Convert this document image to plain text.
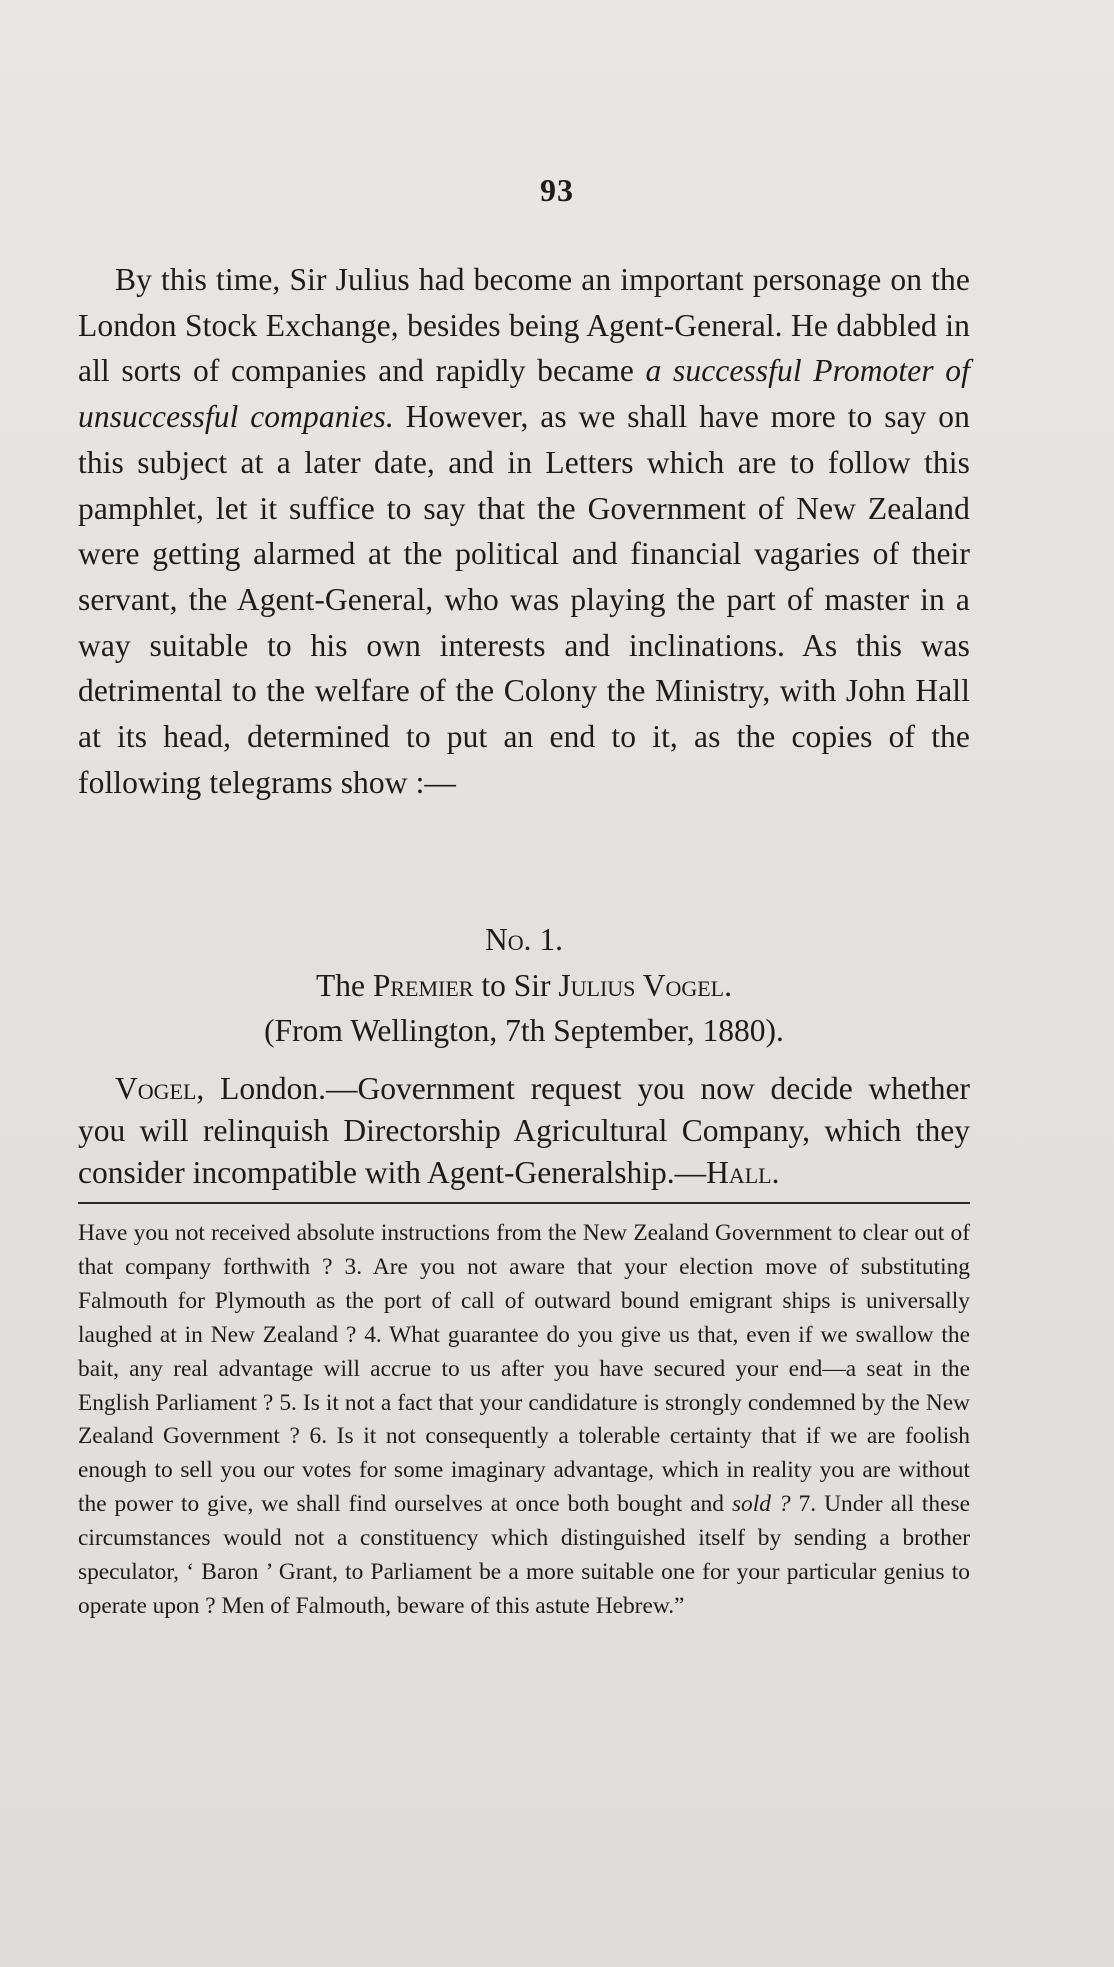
93

By this time, Sir Julius had become an important personage on the London Stock Exchange, besides being Agent-General. He dabbled in all sorts of companies and rapidly became a successful Promoter of unsuccessful companies. However, as we shall have more to say on this subject at a later date, and in Letters which are to follow this pamphlet, let it suffice to say that the Government of New Zealand were getting alarmed at the political and financial vagaries of their servant, the Agent-General, who was playing the part of master in a way suitable to his own interests and inclinations. As this was detrimental to the welfare of the Colony the Ministry, with John Hall at its head, determined to put an end to it, as the copies of the following telegrams show :—

No. 1.
The Premier to Sir Julius Vogel.
(From Wellington, 7th September, 1880).
Vogel, London.—Government request you now decide whether you will relinquish Directorship Agricultural Company, which they consider incompatible with Agent-Generalship.—Hall.

Have you not received absolute instructions from the New Zealand Government to clear out of that company forthwith ? 3. Are you not aware that your election move of substituting Falmouth for Plymouth as the port of call of outward bound emigrant ships is universally laughed at in New Zealand ? 4. What guarantee do you give us that, even if we swallow the bait, any real advantage will accrue to us after you have secured your end—a seat in the English Parliament ? 5. Is it not a fact that your candidature is strongly condemned by the New Zealand Government ? 6. Is it not consequently a tolerable certainty that if we are foolish enough to sell you our votes for some imaginary advantage, which in reality you are without the power to give, we shall find ourselves at once both bought and sold ? 7. Under all these circumstances would not a constituency which distinguished itself by sending a brother speculator, ‘ Baron ’ Grant, to Parliament be a more suitable one for your particular genius to operate upon ? Men of Falmouth, beware of this astute Hebrew.”
